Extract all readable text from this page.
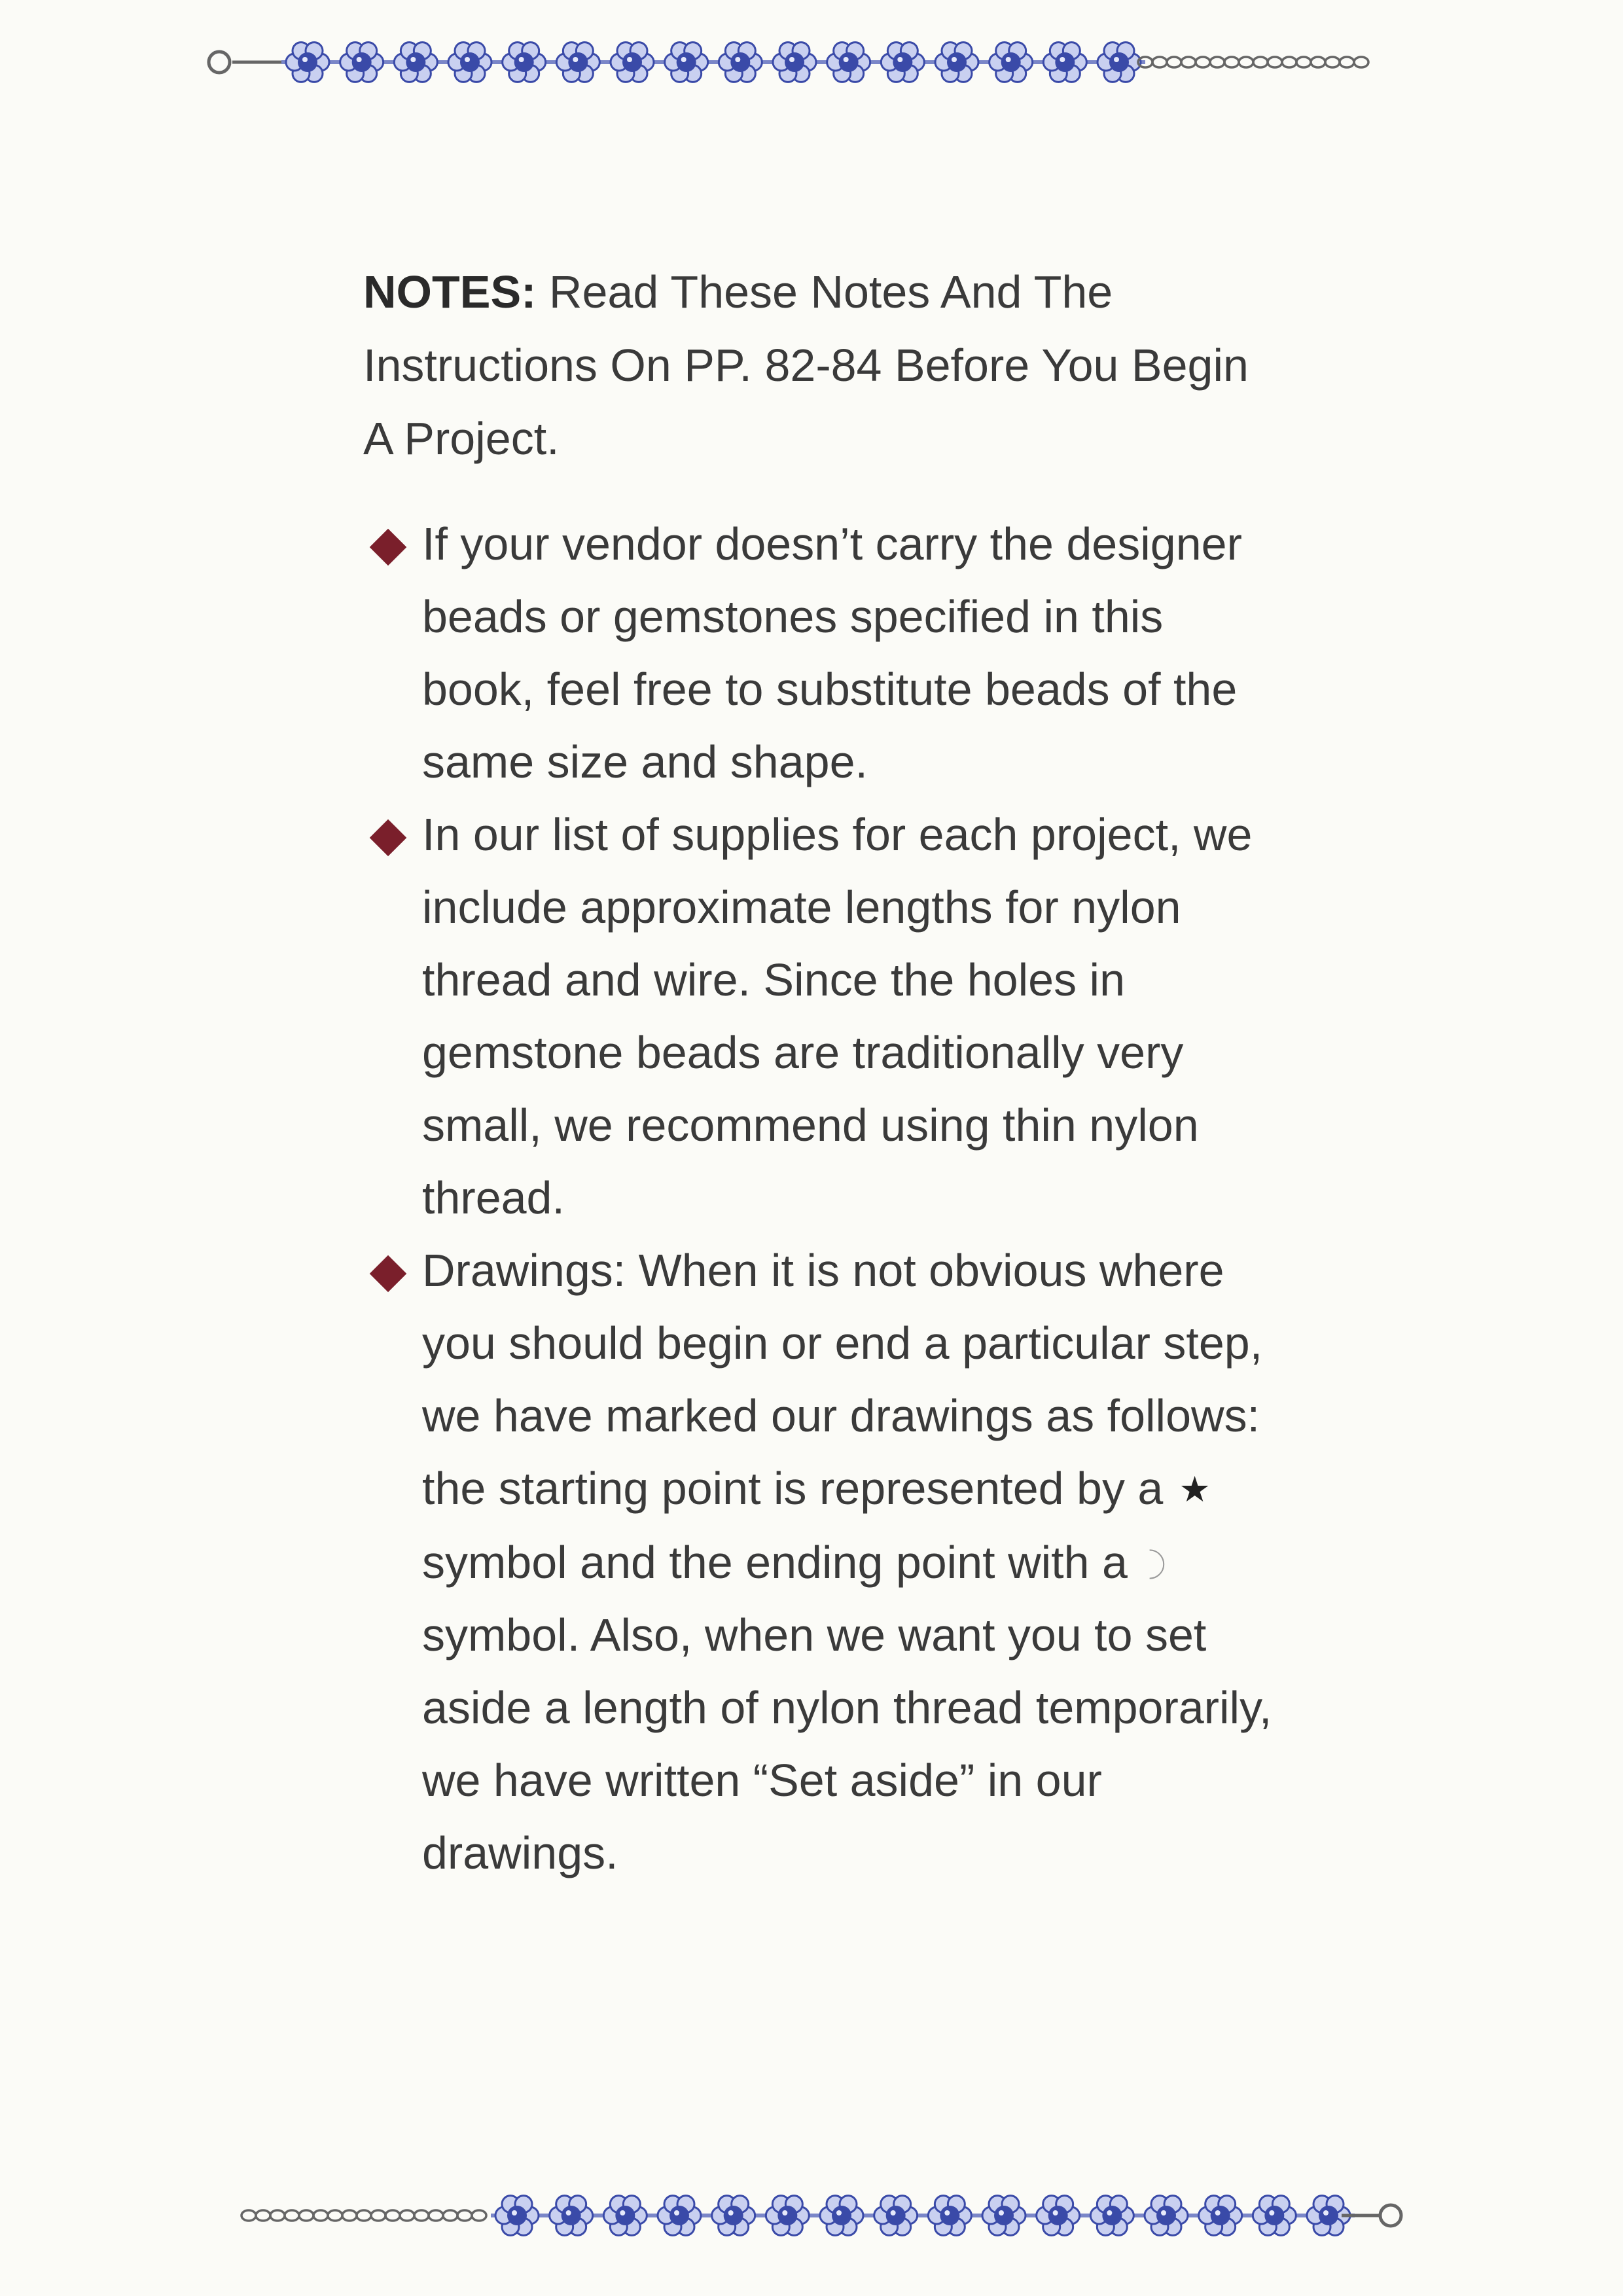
NOTES: Read These Notes And The Instructions On PP. 82-84 Before You Begin A Project.

If your vendor doesn’t carry the designer beads or gemstones specified in this book, feel free to substitute beads of the same size and shape.
In our list of supplies for each project, we include approximate lengths for nylon thread and wire. Since the holes in gemstone beads are traditionally very small, we recommend using thin nylon thread.
Drawings: When it is not obvious where you should begin or end a particular step, we have marked our drawings as follows: the starting point is represented by a ★symbol and the ending point with asymbol. Also, when we want you to set aside a length of nylon thread temporarily, we have written “Set aside” in our drawings.
